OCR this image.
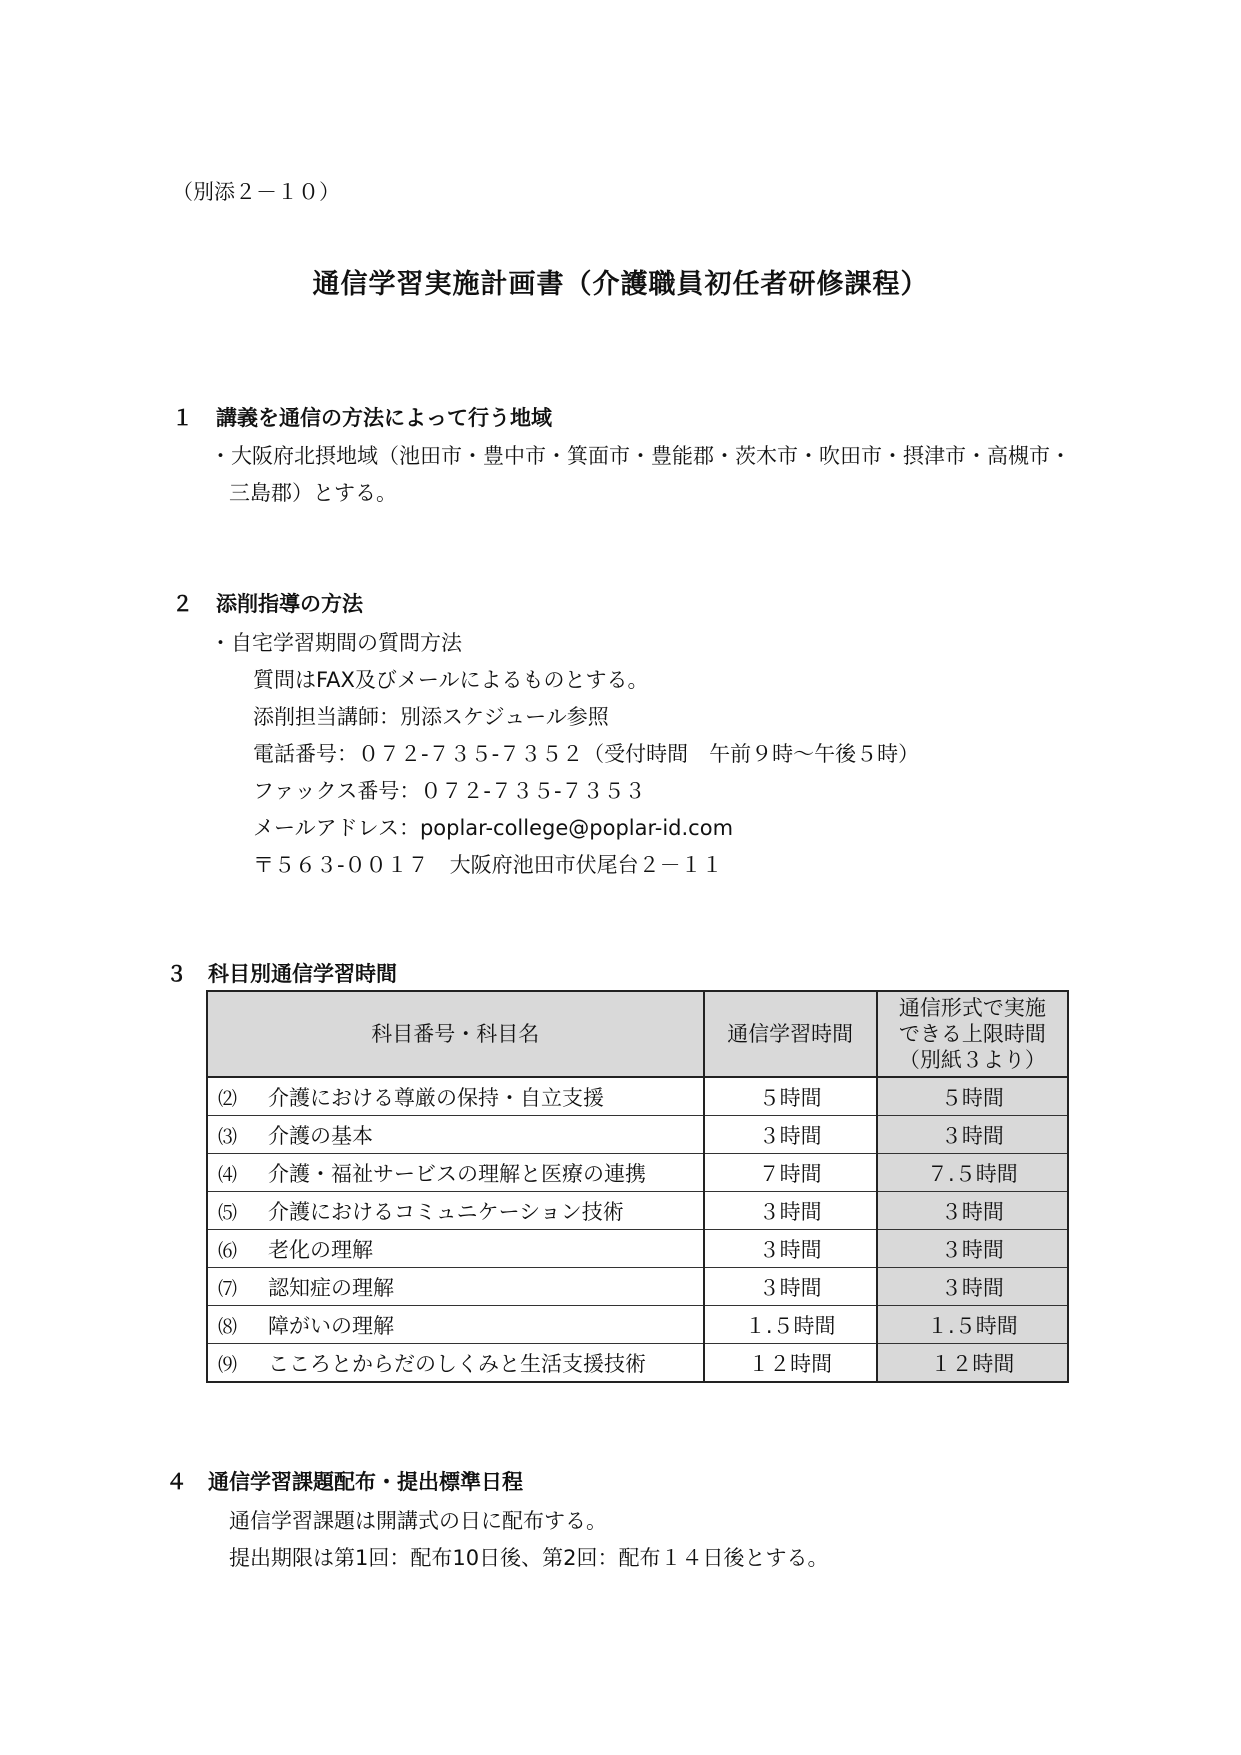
（別添２－１０）
通信学習実施計画書（介護職員初任者研修課程）
１ 講義を通信の方法によって行う地域
・大阪府北摂地域（池田市・豊中市・箕面市・豊能郡・茨木市・吹田市・摂津市・高槻市・
三島郡）とする。
２ 添削指導の方法
・自宅学習期間の質問方法
質問はFAX及びメールによるものとする。
添削担当講師：別添スケジュール参照
電話番号：０７２-７３５-７３５２（受付時間　午前９時～午後５時）
ファックス番号：０７２-７３５-７３５３
メールアドレス：poplar-college@poplar-id.com
〒５６３-００１７　大阪府池田市伏尾台２－１１
３ 科目別通信学習時間
科目番号・科目名	通信学習時間	通信形式で実施
できる上限時間
（別紙３より）
⑵ 介護における尊厳の保持・自立支援	５時間	５時間
⑶ 介護の基本	３時間	３時間
⑷ 介護・福祉サービスの理解と医療の連携	７時間	７.５時間
⑸ 介護におけるコミュニケーション技術	３時間	３時間
⑹ 老化の理解	３時間	３時間
⑺ 認知症の理解	３時間	３時間
⑻ 障がいの理解	１.５時間	１.５時間
⑼ こころとからだのしくみと生活支援技術	１２時間	１２時間
４ 通信学習課題配布・提出標準日程
通信学習課題は開講式の日に配布する。
提出期限は第1回：配布10日後、第2回：配布１４日後とする。
